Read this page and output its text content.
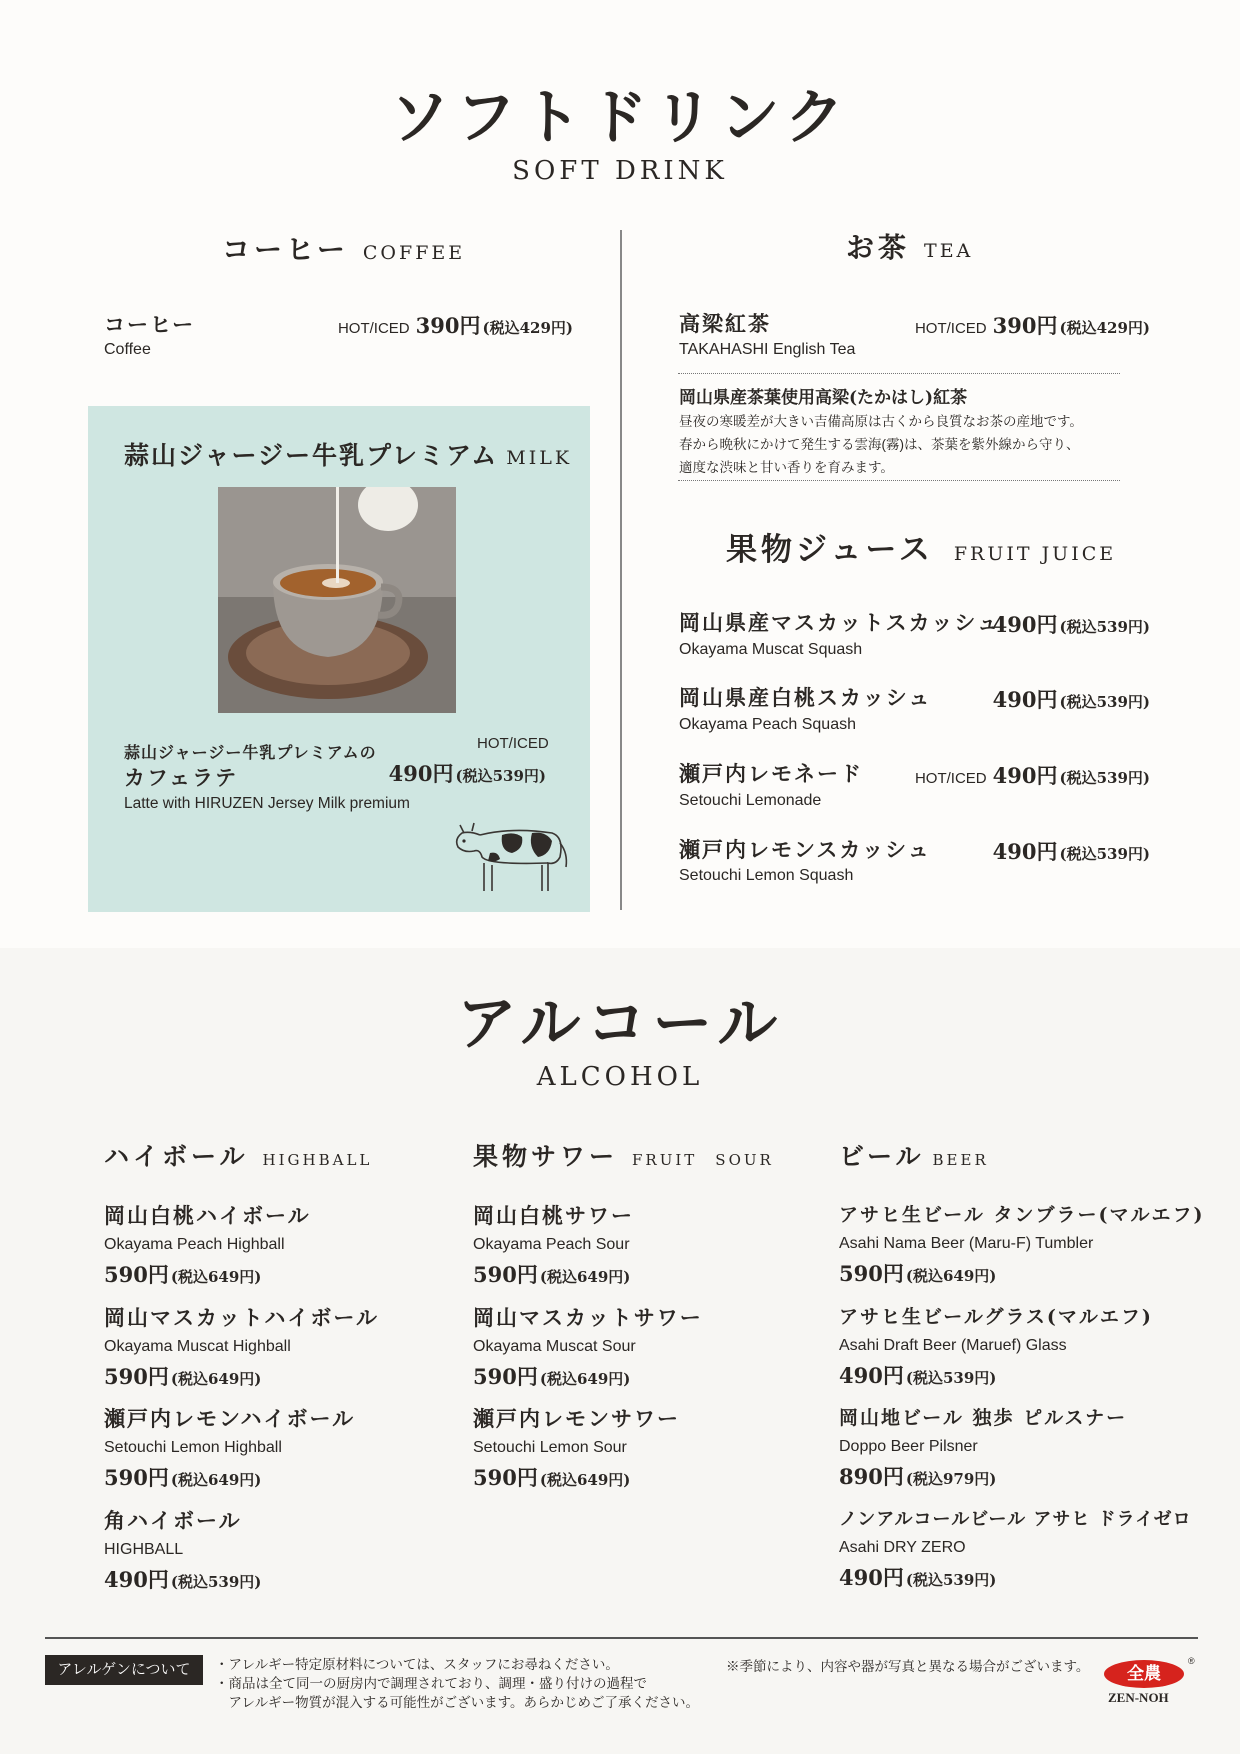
ソフトドリンク
SOFT DRINK
コーヒー COFFEE
コーヒー
Coffee
HOT/ICED 390円 (税込429円)
蒜山ジャージー牛乳プレミアム MILK
蒜山ジャージー牛乳プレミアムの
カフェラテ
HOT/ICED
490円 (税込539円)
Latte with HIRUZEN Jersey Milk premium
お茶 TEA
高梁紅茶
TAKAHASHI English Tea
HOT/ICED 390円 (税込429円)
岡山県産茶葉使用高梁(たかはし)紅茶
昼夜の寒暖差が大きい吉備高原は古くから良質なお茶の産地です。
春から晩秋にかけて発生する雲海(霧)は、茶葉を紫外線から守り、
適度な渋味と甘い香りを育みます。
果物ジュース FRUIT JUICE
岡山県産マスカットスカッシュ
Okayama Muscat Squash
490円 (税込539円)
岡山県産白桃スカッシュ
Okayama Peach Squash
490円 (税込539円)
瀬戸内レモネード
Setouchi Lemonade
HOT/ICED 490円 (税込539円)
瀬戸内レモンスカッシュ
Setouchi Lemon Squash
490円 (税込539円)
アルコール
ALCOHOL
ハイボール HIGHBALL
岡山白桃ハイボール
Okayama Peach Highball
590円 (税込649円)
岡山マスカットハイボール
Okayama Muscat Highball
590円 (税込649円)
瀬戸内レモンハイボール
Setouchi Lemon Highball
590円 (税込649円)
角ハイボール
HIGHBALL
490円 (税込539円)
果物サワー FRUIT　SOUR
岡山白桃サワー
Okayama Peach Sour
590円 (税込649円)
岡山マスカットサワー
Okayama Muscat Sour
590円 (税込649円)
瀬戸内レモンサワー
Setouchi Lemon Sour
590円 (税込649円)
ビール BEER
アサヒ生ビール タンブラー(マルエフ)
Asahi Nama Beer (Maru-F) Tumbler
590円 (税込649円)
アサヒ生ビールグラス(マルエフ)
Asahi Draft Beer (Maruef) Glass
490円 (税込539円)
岡山地ビール 独歩 ピルスナー
Doppo Beer Pilsner
890円 (税込979円)
ノンアルコールビール アサヒ ドライゼロ
Asahi DRY ZERO
490円 (税込539円)
アレルゲンについて	・アレルギー特定原材料については、スタッフにお尋ねください。
・商品は全て同一の厨房内で調理されており、調理・盛り付けの過程で
　アレルギー物質が混入する可能性がございます。あらかじめご了承ください。
※季節により、内容や器が写真と異なる場合がございます。	全農
®
ZEN-NOH
